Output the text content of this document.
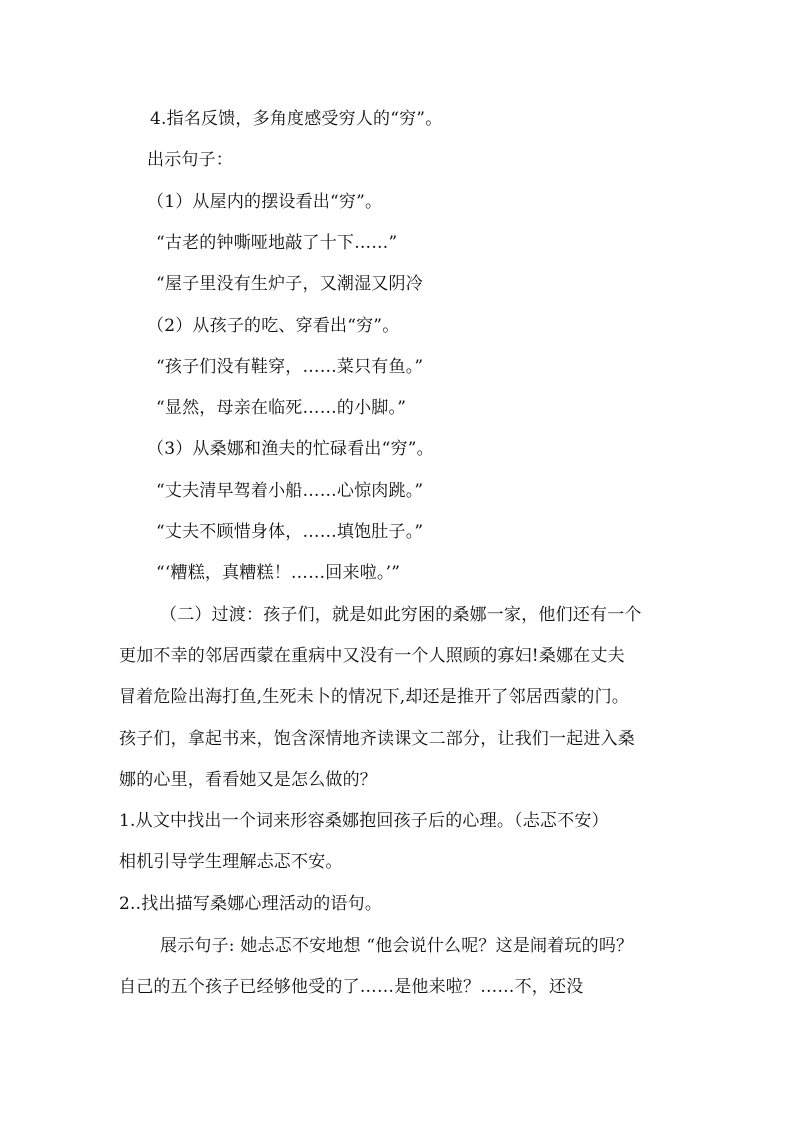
4.指名反馈，多角度感受穷人的“穷”。
出示句子：
（1）从屋内的摆设看出“穷”。
“古老的钟嘶哑地敲了十下……”
“屋子里没有生炉子，又潮湿又阴冷
（2）从孩子的吃、穿看出“穷”。
“孩子们没有鞋穿，……菜只有鱼。”
“显然，母亲在临死……的小脚。”
（3）从桑娜和渔夫的忙碌看出“穷”。
“丈夫清早驾着小船……心惊肉跳。”
“丈夫不顾惜身体，……填饱肚子。”
“‘糟糕，真糟糕！……回来啦。’”
（二）过渡：孩子们，就是如此穷困的桑娜一家，他们还有一个
更加不幸的邻居西蒙在重病中又没有一个人照顾的寡妇!桑娜在丈夫
冒着危险出海打鱼,生死未卜的情况下,却还是推开了邻居西蒙的门。
孩子们，拿起书来，饱含深情地齐读课文二部分，让我们一起进入桑
娜的心里，看看她又是怎么做的？
1.从文中找出一个词来形容桑娜抱回孩子后的心理。（忐忑不安）
相机引导学生理解忐忑不安。
2..找出描写桑娜心理活动的语句。
展示句子: 她忐忑不安地想 “他会说什么呢？这是闹着玩的吗？
自己的五个孩子已经够他受的了……是他来啦？……不，还没
